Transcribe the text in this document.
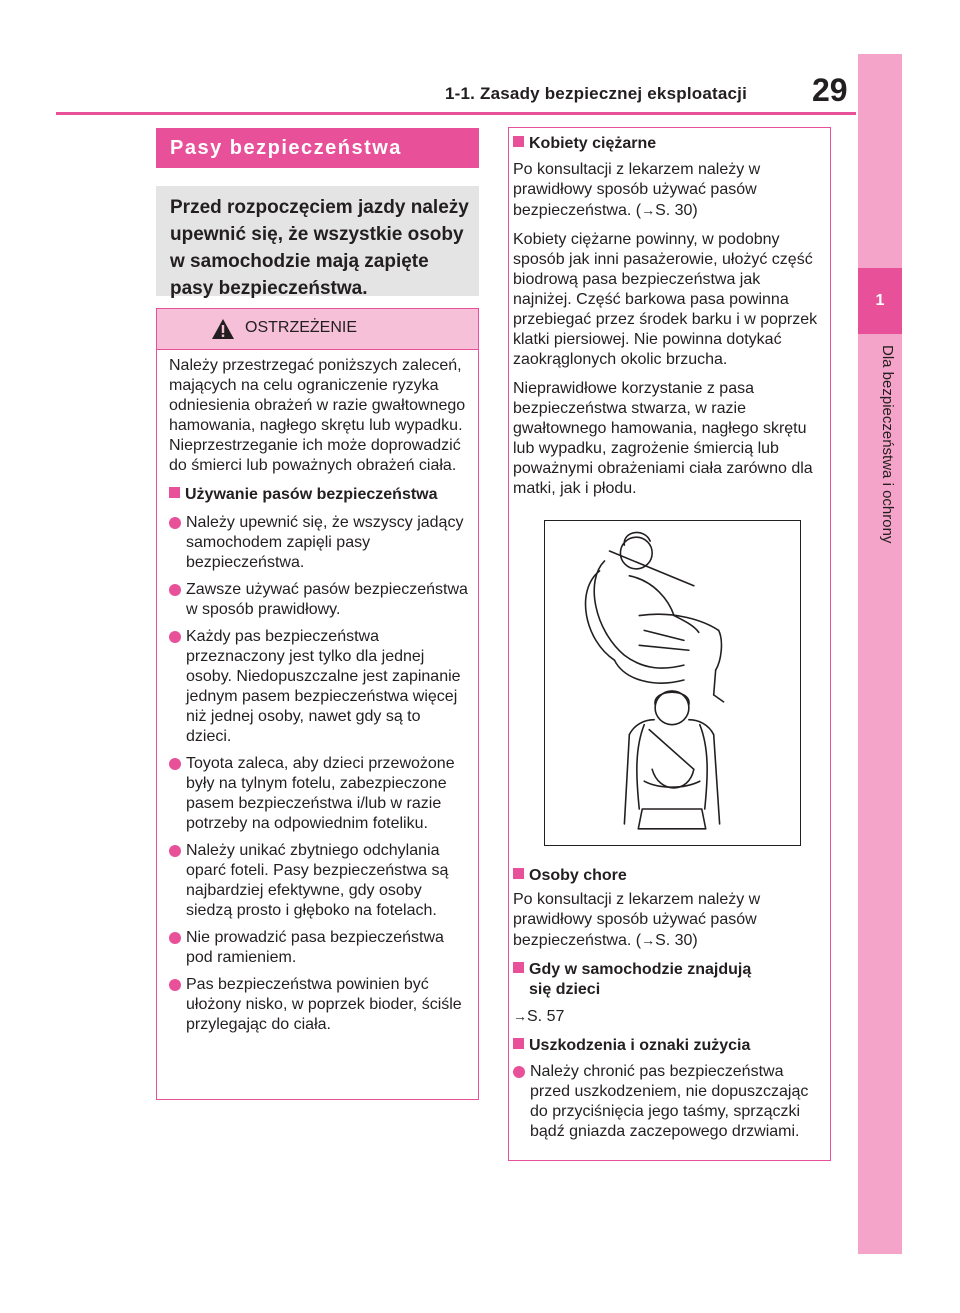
1
Dla bezpieczeństwa i ochrony
1-1. Zasady bezpiecznej eksploatacji 29
Pasy bezpieczeństwa
Przed rozpoczęciem jazdy należy upewnić się, że wszystkie osoby w samochodzie mają zapięte pasy bezpieczeństwa.
OSTRZEŻENIE
Należy przestrzegać poniższych zaleceń, mających na celu ograniczenie ryzyka odniesienia obrażeń w razie gwałtownego hamowania, nagłego skrętu lub wypadku. Nieprzestrzeganie ich może doprowadzić do śmierci lub poważnych obrażeń ciała.
Używanie pasów bezpieczeństwa
Należy upewnić się, że wszyscy jadący samochodem zapięli pasy bezpieczeństwa.
Zawsze używać pasów bezpieczeństwa w sposób prawidłowy.
Każdy pas bezpieczeństwa przeznaczony jest tylko dla jednej osoby. Niedopuszczalne jest zapinanie jednym pasem bezpieczeństwa więcej niż jednej osoby, nawet gdy są to dzieci.
Toyota zaleca, aby dzieci przewożone były na tylnym fotelu, zabezpieczone pasem bezpieczeństwa i/lub w razie potrzeby na odpowiednim foteliku.
Należy unikać zbytniego odchylania oparć foteli. Pasy bezpieczeństwa są najbardziej efektywne, gdy osoby siedzą prosto i głęboko na fotelach.
Nie prowadzić pasa bezpieczeństwa pod ramieniem.
Pas bezpieczeństwa powinien być ułożony nisko, w poprzek bioder, ściśle przylegając do ciała.
Kobiety ciężarne
Po konsultacji z lekarzem należy w prawidłowy sposób używać pasów bezpieczeństwa. (→S. 30)
Kobiety ciężarne powinny, w podobny sposób jak inni pasażerowie, ułożyć część biodrową pasa bezpieczeństwa jak najniżej. Część barkowa pasa powinna przebiegać przez środek barku i w poprzek klatki piersiowej. Nie powinna dotykać zaokrąglonych okolic brzucha.
Nieprawidłowe korzystanie z pasa bezpieczeństwa stwarza, w razie gwałtownego hamowania, nagłego skrętu lub wypadku, zagrożenie śmiercią lub poważnymi obrażeniami ciała zarówno dla matki, jak i płodu.
Osoby chore
Po konsultacji z lekarzem należy w prawidłowy sposób używać pasów bezpieczeństwa. (→S. 30)
Gdy w samochodzie znajdują
się dzieci
→S. 57
Uszkodzenia i oznaki zużycia
Należy chronić pas bezpieczeństwa przed uszkodzeniem, nie dopuszczając do przyciśnięcia jego taśmy, sprzączki bądź gniazda zaczepowego drzwiami.
